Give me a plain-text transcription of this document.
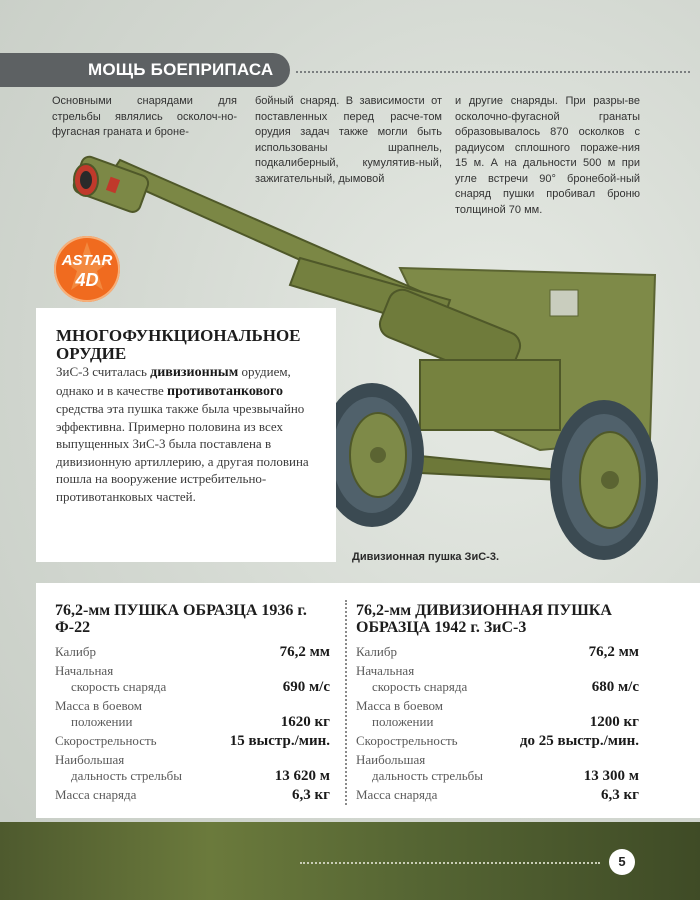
МОЩЬ БОЕПРИПАСА
Основными снарядами для стрельбы являлись осколоч-но-фугасная граната и броне-
бойный снаряд. В зависимости от поставленных перед расче-том орудия задач также могли быть использованы шрапнель, подкалиберный, кумулятив-ный, зажигательный, дымовой
и другие снаряды. При разры-ве осколочно-фугасной гранаты образовывалось 870 осколков с радиусом сплошного пораже-ния 15 м. А на дальности 500 м при угле встречи 90° бронебой-ный снаряд пушки пробивал броню толщиной 70 мм.
ASTAR
4D
МНОГОФУНКЦИОНАЛЬНОЕ ОРУДИЕ
ЗиС-3 считалась дивизионным орудием, однако и в качестве противотанкового средства эта пушка также была чрезвычайно эффективна. Примерно половина из всех выпущенных ЗиС-3 была поставлена в дивизионную артиллерию, а другая половина пошла на вооружение истребительно-противотанковых частей.
Дивизионная пушка ЗиС-3.
76,2-мм ПУШКА ОБРАЗЦА 1936 г. Ф-22
Калибр	76,2 мм
Начальная
скорость снаряда	690 м/с
Масса в боевом
положении	1620 кг
Скорострельность	15 выстр./мин.
Наибольшая
дальность стрельбы	13 620 м
Масса снаряда	6,3 кг
76,2-мм ДИВИЗИОННАЯ ПУШКА ОБРАЗЦА 1942 г. ЗиС-3
Калибр	76,2 мм
Начальная
скорость снаряда	680 м/с
Масса в боевом
положении	1200 кг
Скорострельность	до 25 выстр./мин.
Наибольшая
дальность стрельбы	13 300 м
Масса снаряда	6,3 кг
5
